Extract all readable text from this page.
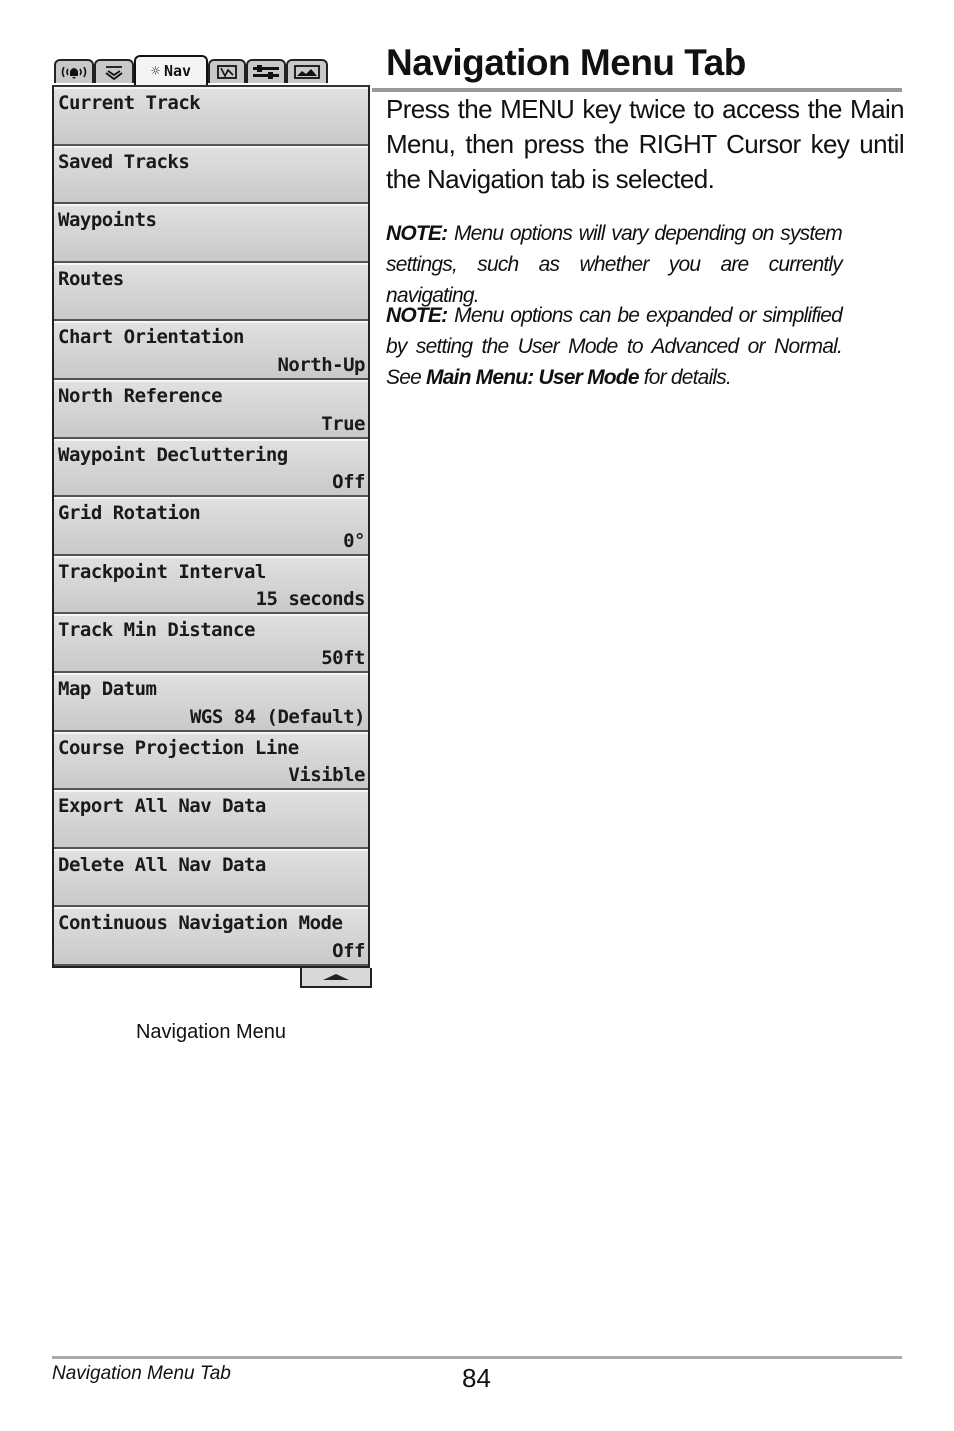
☼ Nav
Current Track
Saved Tracks
Waypoints
Routes
Chart Orientation
North-Up
North Reference
True
Waypoint Decluttering
Off
Grid Rotation
0°
Trackpoint Interval
15 seconds
Track Min Distance
50ft
Map Datum
WGS 84 (Default)
Course Projection Line
Visible
Export All Nav Data
Delete All Nav Data
Continuous Navigation Mode
Off
Navigation Menu
Navigation Menu Tab

Press the MENU key twice to access the Main Menu, then press the RIGHT Cursor key until the Navigation tab is selected.

NOTE: Menu options will vary depending on system settings, such as whether you are currently navigating.

NOTE: Menu options can be expanded or simplified by setting the User Mode to Advanced or Normal. See Main Menu: User Mode for details.

Navigation Menu Tab	84
